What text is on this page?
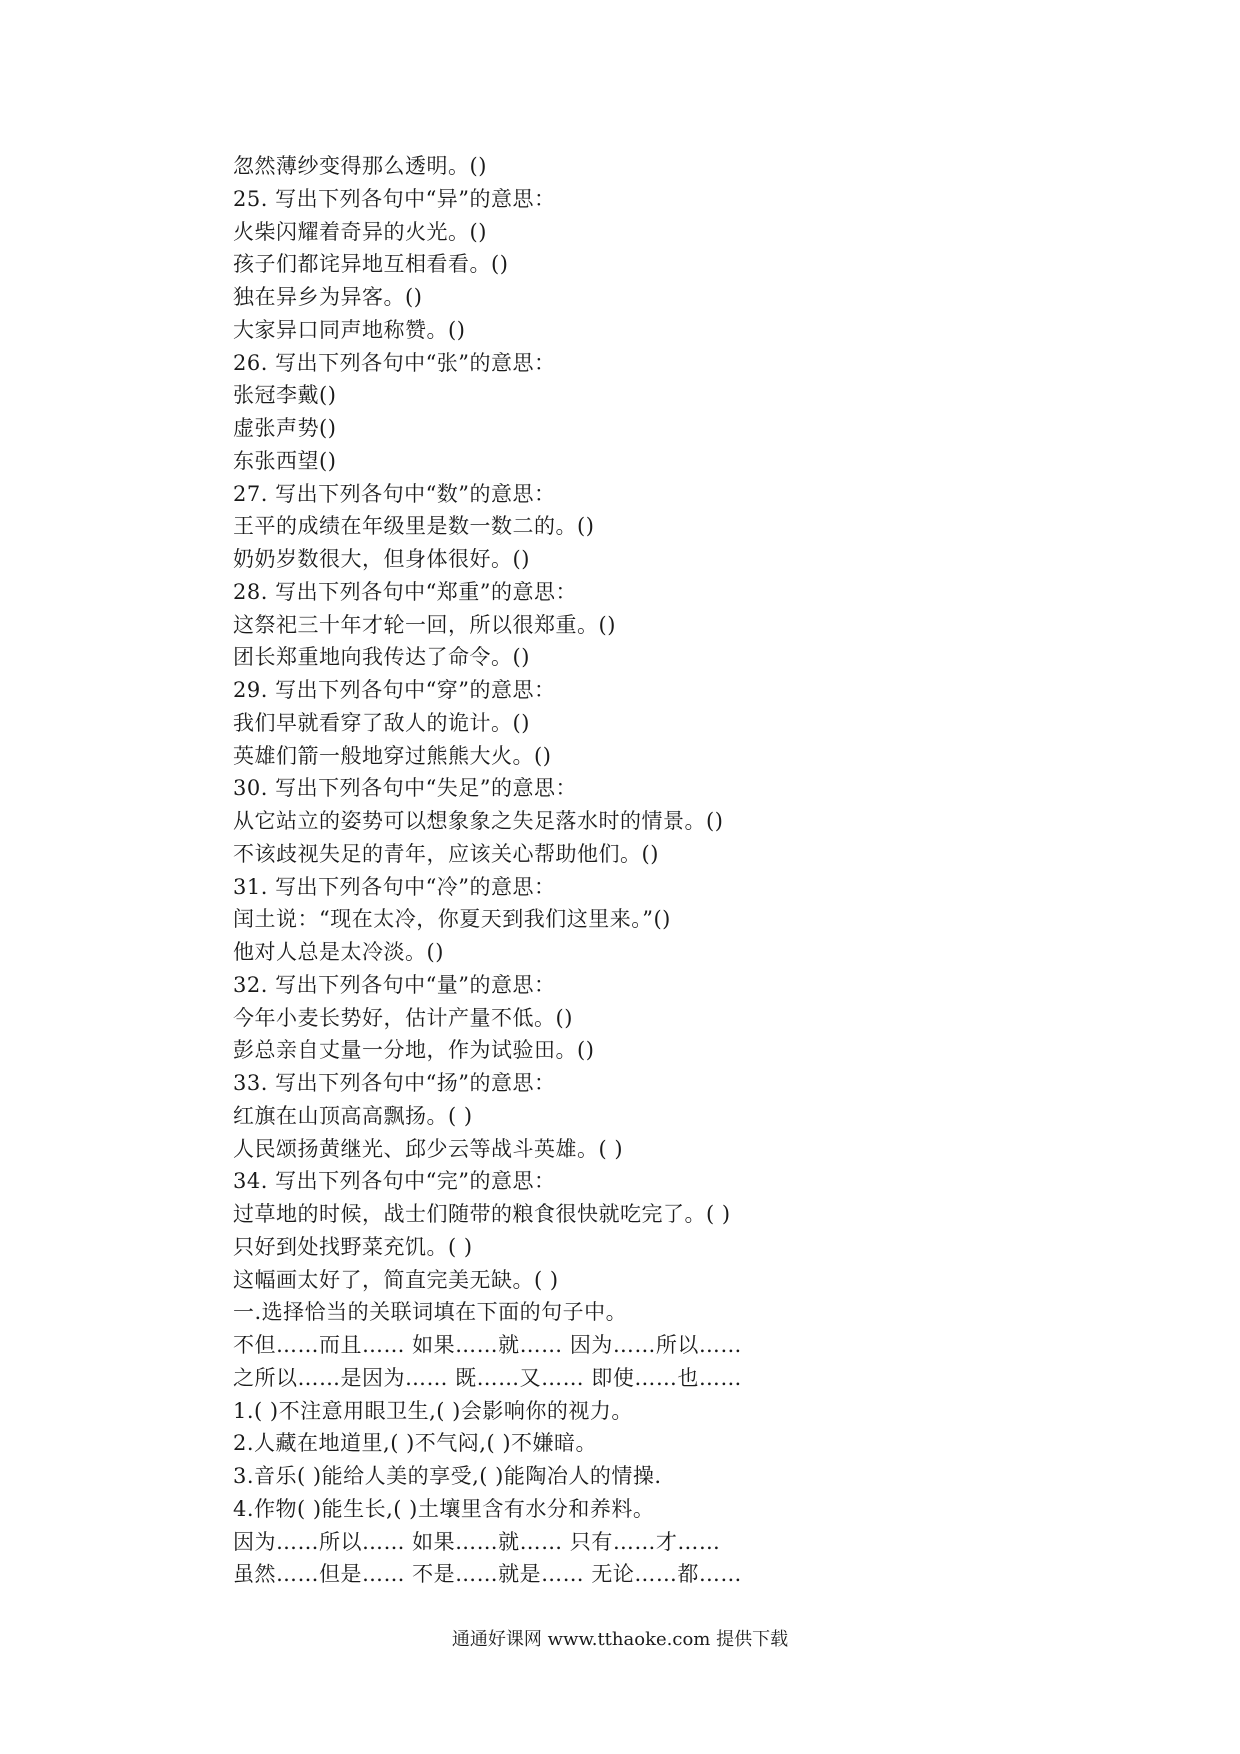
忽然薄纱变得那么透明。()
25. 写出下列各句中“异”的意思：
火柴闪耀着奇异的火光。()
孩子们都诧异地互相看看。()
独在异乡为异客。()
大家异口同声地称赞。()
26. 写出下列各句中“张”的意思：
张冠李戴()
虚张声势()
东张西望()
27. 写出下列各句中“数”的意思：
王平的成绩在年级里是数一数二的。()
奶奶岁数很大，但身体很好。()
28. 写出下列各句中“郑重”的意思：
这祭祀三十年才轮一回，所以很郑重。()
团长郑重地向我传达了命令。()
29. 写出下列各句中“穿”的意思：
我们早就看穿了敌人的诡计。()
英雄们箭一般地穿过熊熊大火。()
30. 写出下列各句中“失足”的意思：
从它站立的姿势可以想象象之失足落水时的情景。()
不该歧视失足的青年，应该关心帮助他们。()
31. 写出下列各句中“冷”的意思：
闰土说：“现在太冷，你夏天到我们这里来。”()
他对人总是太冷淡。()
32. 写出下列各句中“量”的意思：
今年小麦长势好，估计产量不低。()
彭总亲自丈量一分地，作为试验田。()
33. 写出下列各句中“扬”的意思：
红旗在山顶高高飘扬。( )
人民颂扬黄继光、邱少云等战斗英雄。( )
34. 写出下列各句中“完”的意思：
过草地的时候，战士们随带的粮食很快就吃完了。( )
只好到处找野菜充饥。( )
这幅画太好了，简直完美无缺。( )
一.选择恰当的关联词填在下面的句子中。
不但……而且…… 如果……就…… 因为……所以……
之所以……是因为…… 既……又…… 即使……也……
1.( )不注意用眼卫生,( )会影响你的视力。
2.人藏在地道里,( )不气闷,( )不嫌暗。
3.音乐( )能给人美的享受,( )能陶冶人的情操.
4.作物( )能生长,( )土壤里含有水分和养料。
因为……所以…… 如果……就…… 只有……才……
虽然……但是…… 不是……就是…… 无论……都……
通通好课网 www.tthaoke.com 提供下载
